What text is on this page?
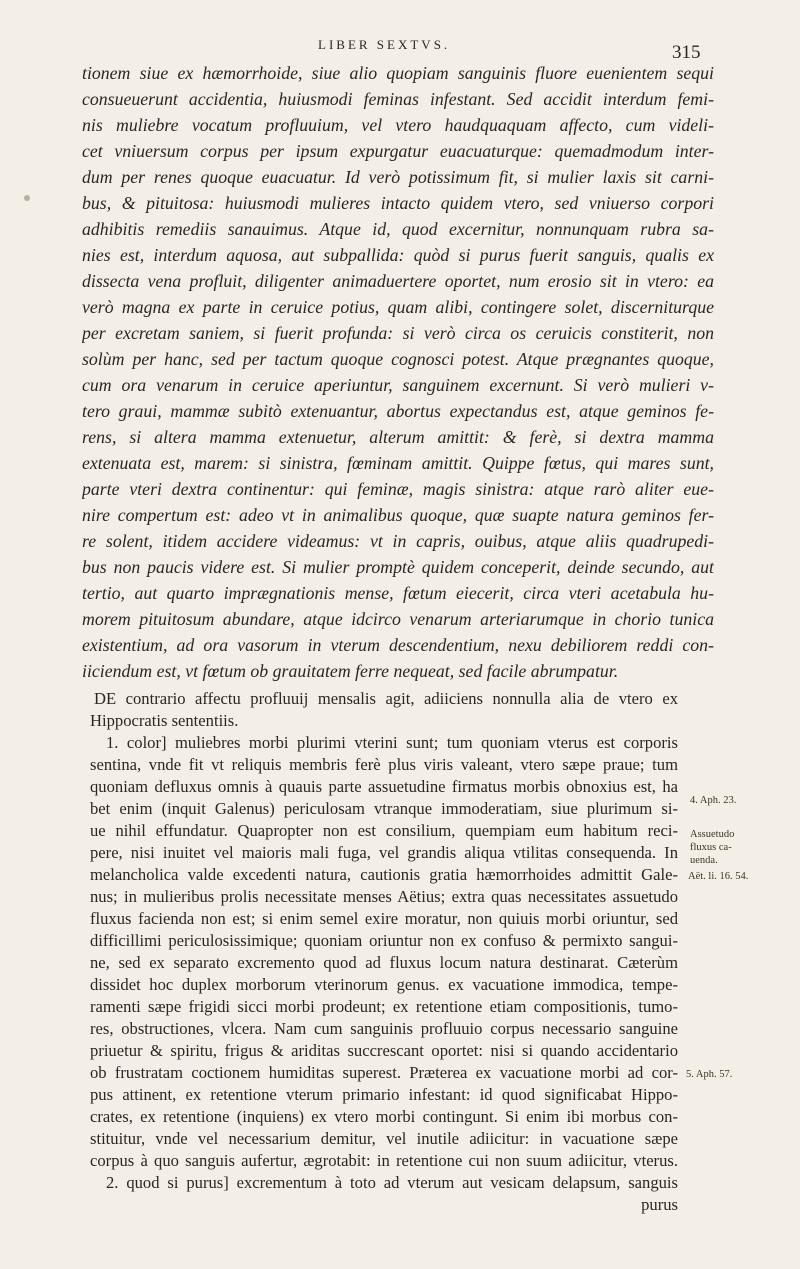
LIBER SEXTVS.	315
tionem siue ex hæmorrhoide, siue alio quopiam sanguinis fluore euenientem sequi
consueuerunt accidentia, huiusmodi feminas infestant. Sed accidit interdum femi-
nis muliebre vocatum profluuium, vel vtero haudquaquam affecto, cum videli-
cet vniuersum corpus per ipsum expurgatur euacuaturque: quemadmodum inter-
dum per renes quoque euacuatur. Id verò potissimum fit, si mulier laxis sit carni-
bus, & pituitosa: huiusmodi mulieres intacto quidem vtero, sed vniuerso corpori
adhibitis remediis sanauimus. Atque id, quod excernitur, nonnunquam rubra sa-
nies est, interdum aquosa, aut subpallida: quòd si purus fuerit sanguis, qualis ex
dissecta vena profluit, diligenter animaduertere oportet, num erosio sit in vtero: ea
verò magna ex parte in ceruice potius, quam alibi, contingere solet, discerniturque
per excretam saniem, si fuerit profunda: si verò circa os ceruicis constiterit, non
solùm per hanc, sed per tactum quoque cognosci potest. Atque prægnantes quoque,
cum ora venarum in ceruice aperiuntur, sanguinem excernunt. Si verò mulieri v-
tero graui, mammæ subitò extenuantur, abortus expectandus est, atque geminos fe-
rens, si altera mamma extenuetur, alterum amittit: & ferè, si dextra mamma
extenuata est, marem: si sinistra, fœminam amittit. Quippe fœtus, qui mares sunt,
parte vteri dextra continentur: qui feminæ, magis sinistra: atque rarò aliter eue-
nire compertum est: adeo vt in animalibus quoque, quæ suapte natura geminos fer-
re solent, itidem accidere videamus: vt in capris, ouibus, atque aliis quadrupedi-
bus non paucis videre est. Si mulier promptè quidem conceperit, deinde secundo, aut
tertio, aut quarto imprægnationis mense, fœtum eiecerit, circa vteri acetabula hu-
morem pituitosum abundare, atque idcirco venarum arteriarumque in chorio tunica
existentium, ad ora vasorum in vterum descendentium, nexu debiliorem reddi con-
iiciendum est, vt fœtum ob grauitatem ferre nequeat, sed facile abrumpatur.
DE contrario affectu profluuij mensalis agit, adiiciens nonnulla alia de vtero ex
Hippocratis sententiis.
1. color] muliebres morbi plurimi vterini sunt; tum quoniam vterus est corporis
sentina, vnde fit vt reliquis membris ferè plus viris valeant, vtero sæpe praue; tum
quoniam defluxus omnis à quauis parte assuetudine firmatus morbis obnoxius est, ha
bet enim (inquit Galenus) periculosam vtranque immoderatiam, siue plurimum si-
ue nihil effundatur. Quapropter non est consilium, quempiam eum habitum reci-
pere, nisi inuitet vel maioris mali fuga, vel grandis aliqua vtilitas consequenda. In
melancholica valde excedenti natura, cautionis gratia hæmorrhoides admittit Gale-
nus; in mulieribus prolis necessitate menses Aëtius; extra quas necessitates assuetudo
fluxus facienda non est; si enim semel exire moratur, non quiuis morbi oriuntur, sed
difficillimi periculosissimique; quoniam oriuntur non ex confuso & permixto sangui-
ne, sed ex separato excremento quod ad fluxus locum natura destinarat. Cæterùm
dissidet hoc duplex morborum vterinorum genus. ex vacuatione immodica, tempe-
ramenti sæpe frigidi sicci morbi prodeunt; ex retentione etiam compositionis, tumo-
res, obstructiones, vlcera. Nam cum sanguinis profluuio corpus necessario sanguine
priuetur & spiritu, frigus & ariditas succrescant oportet: nisi si quando accidentario
ob frustratam coctionem humiditas superest. Præterea ex vacuatione morbi ad cor-
pus attinent, ex retentione vterum primario infestant: id quod significabat Hippo-
crates, ex retentione (inquiens) ex vtero morbi contingunt. Si enim ibi morbus con-
stituitur, vnde vel necessarium demitur, vel inutile adiicitur: in vacuatione sæpe
corpus à quo sanguis aufertur, ægrotabit: in retentione cui non suum adiicitur, vterus.
2. quod si purus] excrementum à toto ad vterum aut vesicam delapsum, sanguis
purus
4. Aph. 23.
Assuetudo
fluxus ca-
uenda.
Aët. li. 16. 54.
5. Aph. 57.
